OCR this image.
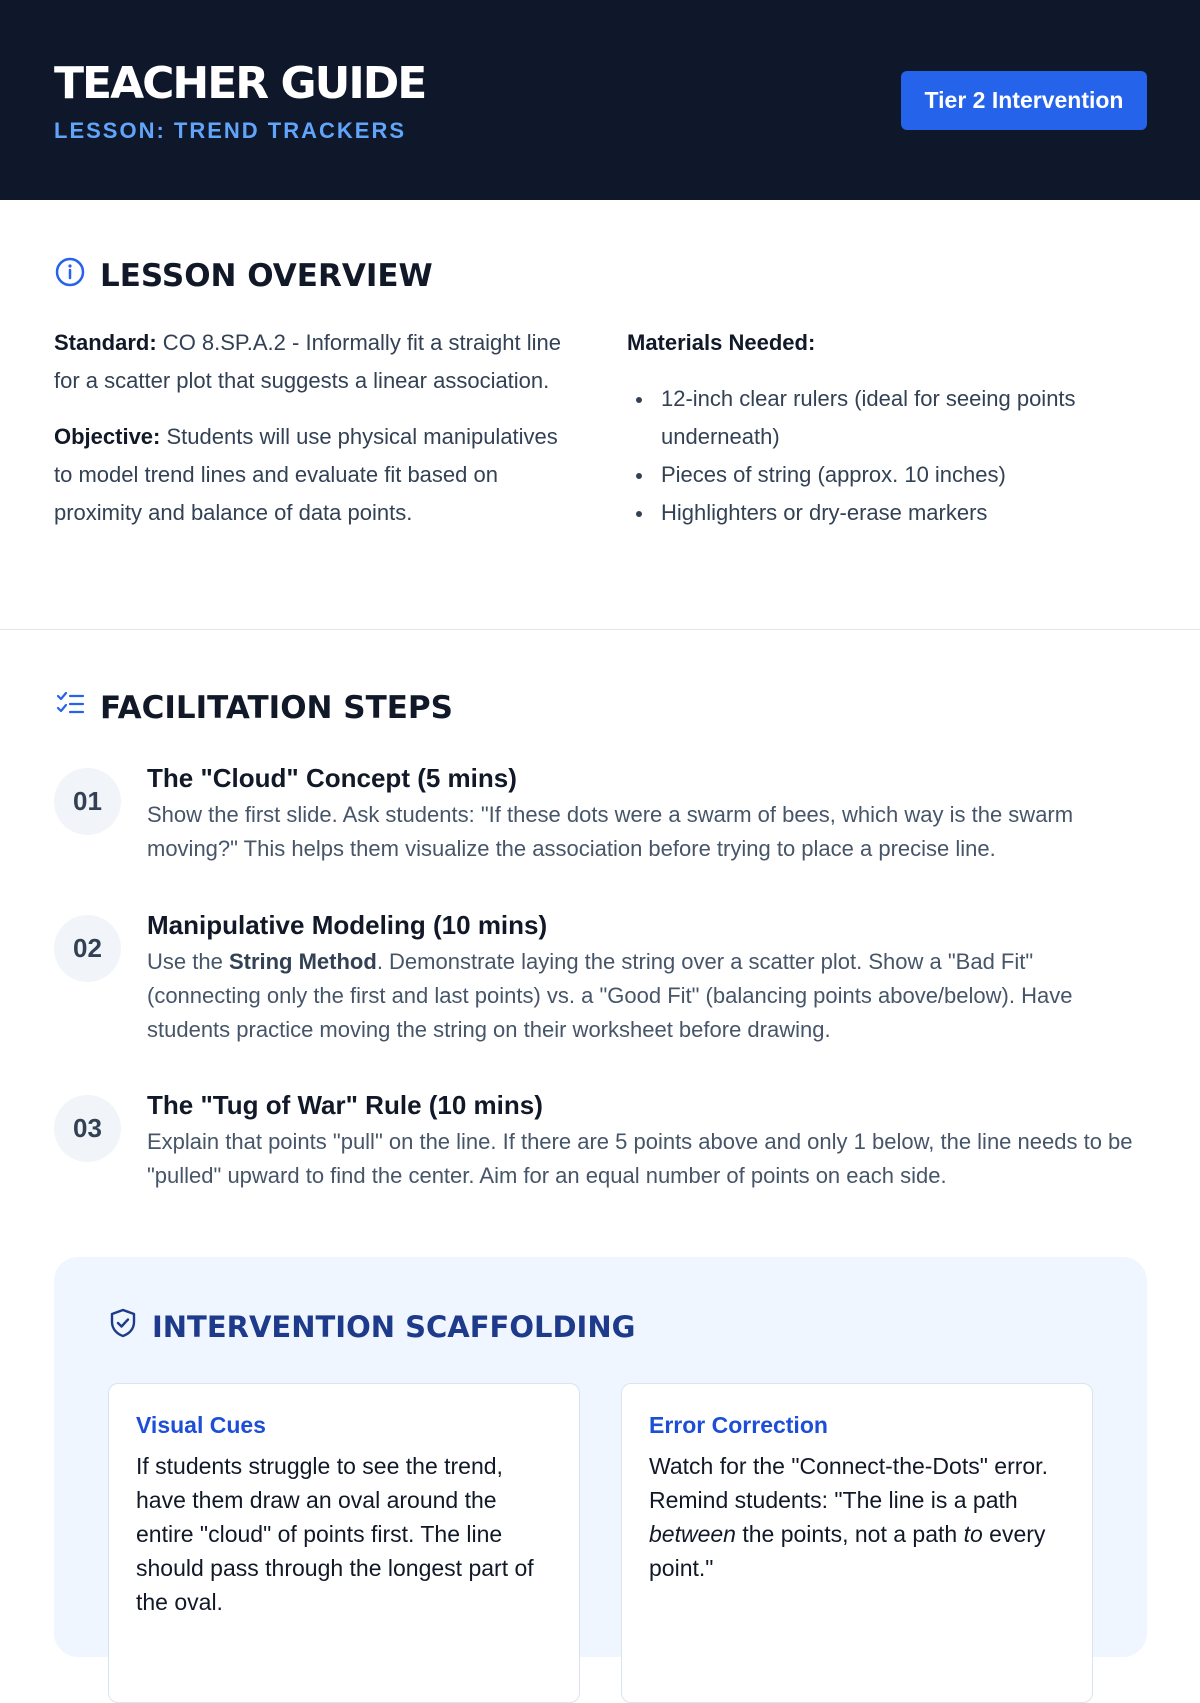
TEACHER GUIDE
LESSON: TREND TRACKERS
Tier 2 Intervention
LESSON OVERVIEW

Standard: CO 8.SP.A.2 - Informally fit a straight line for a scatter plot that suggests a linear association.

Objective: Students will use physical manipulatives to model trend lines and evaluate fit based on proximity and balance of data points.

Materials Needed:
12-inch clear rulers (ideal for seeing points underneath)
Pieces of string (approx. 10 inches)
Highlighters or dry-erase markers
FACILITATION STEPS
01
The "Cloud" Concept (5 mins)
Show the first slide. Ask students: "If these dots were a swarm of bees, which way is the swarm moving?" This helps them visualize the association before trying to place a precise line.
02
Manipulative Modeling (10 mins)
Use the String Method. Demonstrate laying the string over a scatter plot. Show a "Bad Fit" (connecting only the first and last points) vs. a "Good Fit" (balancing points above/below). Have students practice moving the string on their worksheet before drawing.
03
The "Tug of War" Rule (10 mins)
Explain that points "pull" on the line. If there are 5 points above and only 1 below, the line needs to be "pulled" upward to find the center. Aim for an equal number of points on each side.
INTERVENTION SCAFFOLDING
Visual Cues
If students struggle to see the trend, have them draw an oval around the entire "cloud" of points first. The line should pass through the longest part of the oval.
Error Correction
Watch for the "Connect-the-Dots" error. Remind students: "The line is a path between the points, not a path to every point."
